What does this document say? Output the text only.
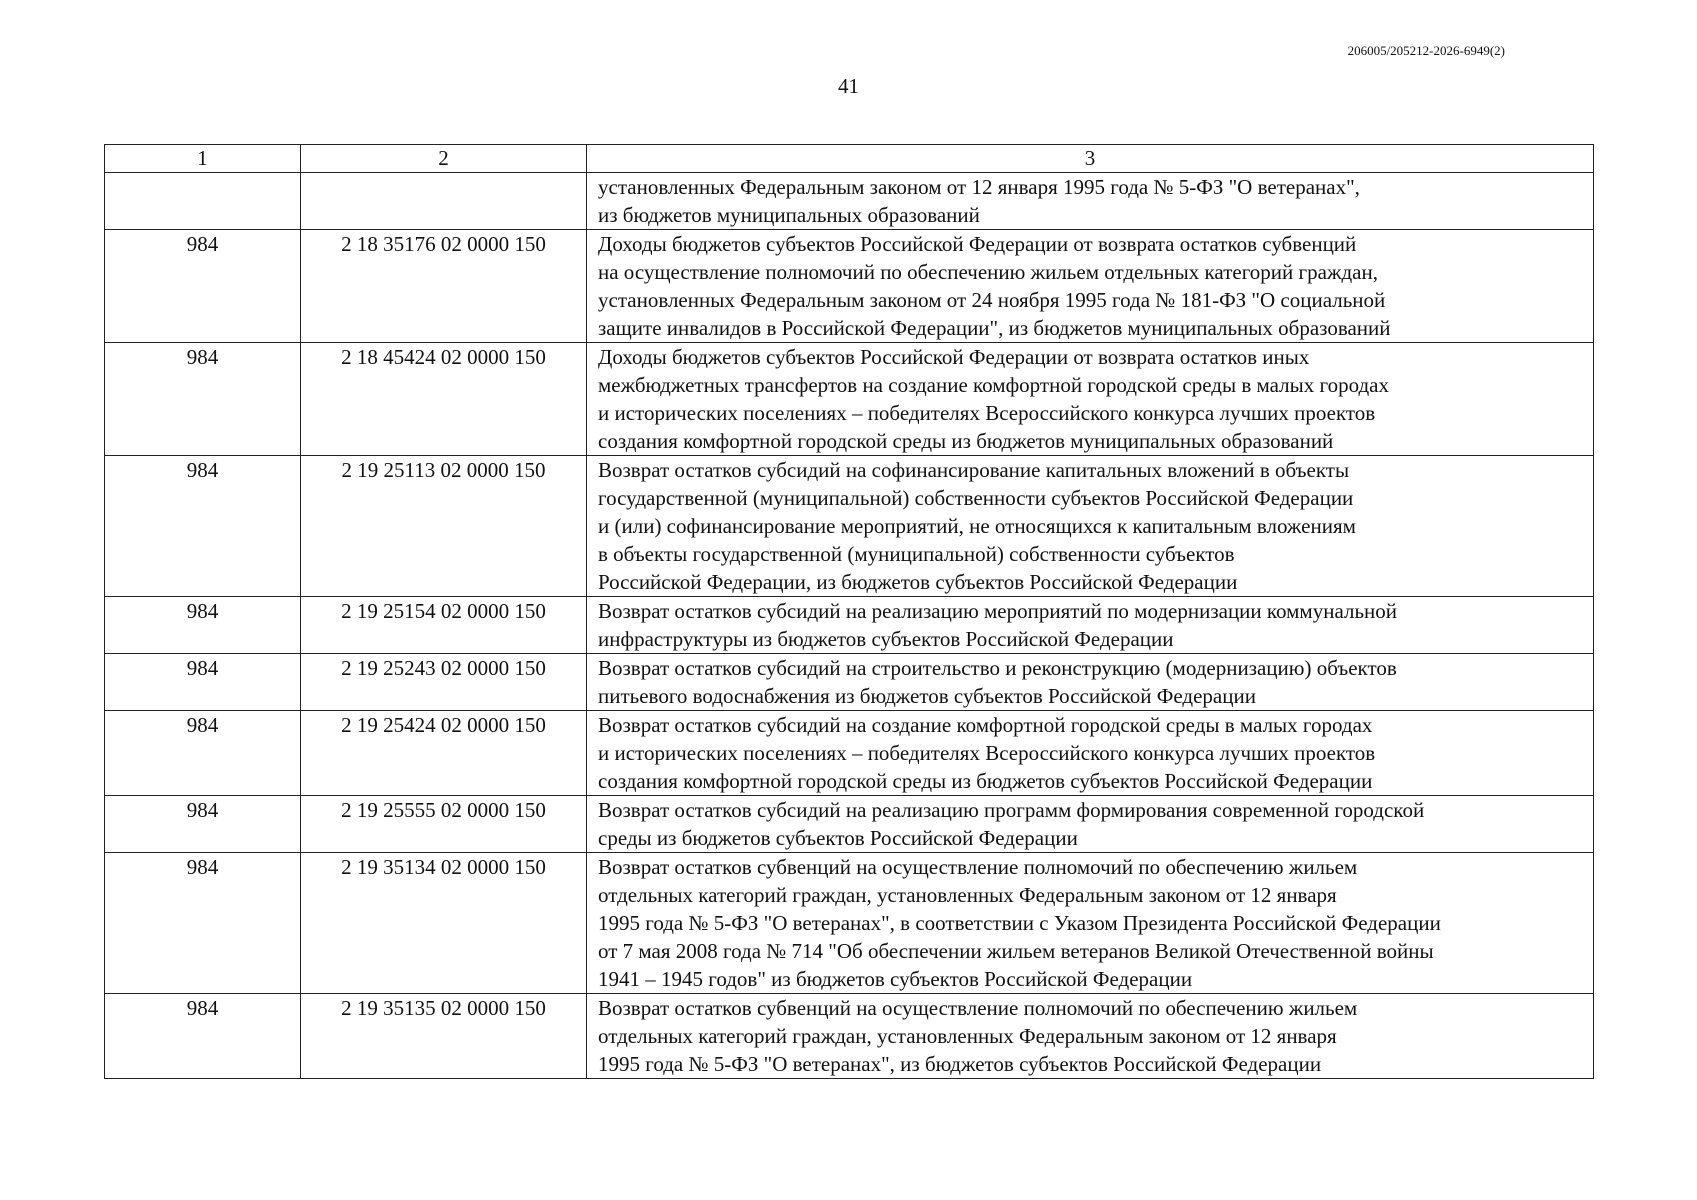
206005/205212-2026-6949(2)
41
1	2	3
		установленных Федеральным законом от 12 января 1995 года № 5-ФЗ "О ветеранах",
из бюджетов муниципальных образований
984	2 18 35176 02 0000 150	Доходы бюджетов субъектов Российской Федерации от возврата остатков субвенций
на осуществление полномочий по обеспечению жильем отдельных категорий граждан,
установленных Федеральным законом от 24 ноября 1995 года № 181-ФЗ "О социальной
защите инвалидов в Российской Федерации", из бюджетов муниципальных образований
984	2 18 45424 02 0000 150	Доходы бюджетов субъектов Российской Федерации от возврата остатков иных
межбюджетных трансфертов на создание комфортной городской среды в малых городах
и исторических поселениях – победителях Всероссийского конкурса лучших проектов
создания комфортной городской среды из бюджетов муниципальных образований
984	2 19 25113 02 0000 150	Возврат остатков субсидий на софинансирование капитальных вложений в объекты
государственной (муниципальной) собственности субъектов Российской Федерации
и (или) софинансирование мероприятий, не относящихся к капитальным вложениям
в объекты государственной (муниципальной) собственности субъектов
Российской Федерации, из бюджетов субъектов Российской Федерации
984	2 19 25154 02 0000 150	Возврат остатков субсидий на реализацию мероприятий по модернизации коммунальной
инфраструктуры из бюджетов субъектов Российской Федерации
984	2 19 25243 02 0000 150	Возврат остатков субсидий на строительство и реконструкцию (модернизацию) объектов
питьевого водоснабжения из бюджетов субъектов Российской Федерации
984	2 19 25424 02 0000 150	Возврат остатков субсидий на создание комфортной городской среды в малых городах
и исторических поселениях – победителях Всероссийского конкурса лучших проектов
создания комфортной городской среды из бюджетов субъектов Российской Федерации
984	2 19 25555 02 0000 150	Возврат остатков субсидий на реализацию программ формирования современной городской
среды из бюджетов субъектов Российской Федерации
984	2 19 35134 02 0000 150	Возврат остатков субвенций на осуществление полномочий по обеспечению жильем
отдельных категорий граждан, установленных Федеральным законом от 12 января
1995 года № 5-ФЗ "О ветеранах", в соответствии с Указом Президента Российской Федерации
от 7 мая 2008 года № 714 "Об обеспечении жильем ветеранов Великой Отечественной войны
1941 – 1945 годов" из бюджетов субъектов Российской Федерации
984	2 19 35135 02 0000 150	Возврат остатков субвенций на осуществление полномочий по обеспечению жильем
отдельных категорий граждан, установленных Федеральным законом от 12 января
1995 года № 5-ФЗ "О ветеранах", из бюджетов субъектов Российской Федерации
